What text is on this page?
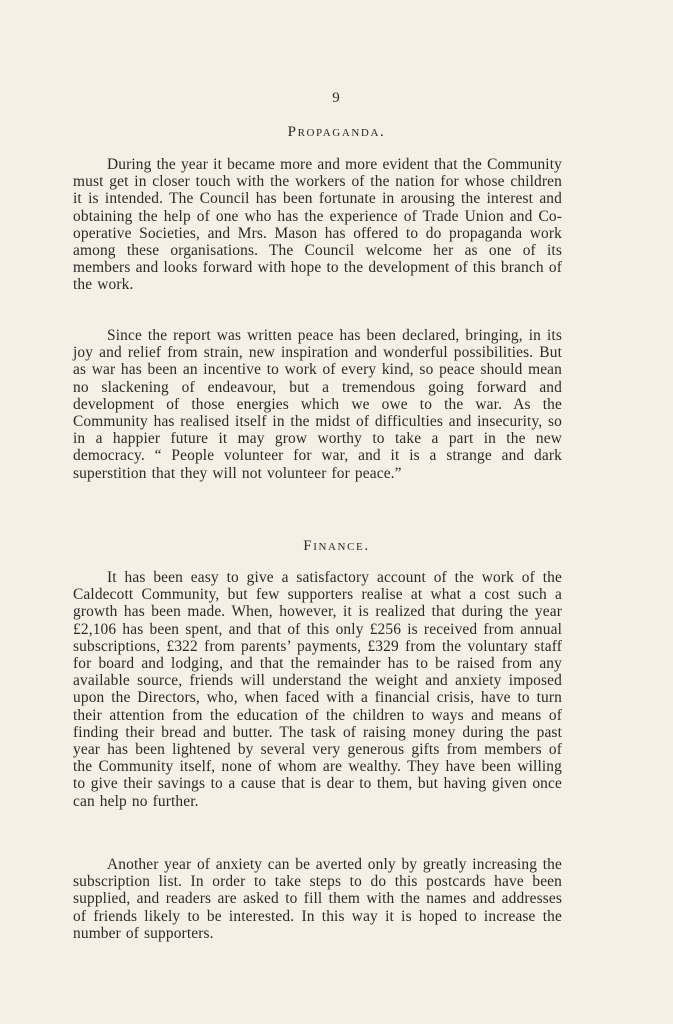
9
Propaganda.

During the year it became more and more evident that the Community must get in closer touch with the workers of the nation for whose children it is intended. The Council has been fortunate in arousing the interest and obtaining the help of one who has the experience of Trade Union and Co-operative Societies, and Mrs. Mason has offered to do propaganda work among these organisations. The Council welcome her as one of its members and looks forward with hope to the development of this branch of the work.

Since the report was written peace has been declared, bringing, in its joy and relief from strain, new inspiration and wonderful possibilities. But as war has been an incentive to work of every kind, so peace should mean no slackening of endeavour, but a tremendous going forward and development of those energies which we owe to the war. As the Community has realised itself in the midst of difficulties and insecurity, so in a happier future it may grow worthy to take a part in the new democracy. “ People volunteer for war, and it is a strange and dark superstition that they will not volunteer for peace.”

Finance.

It has been easy to give a satisfactory account of the work of the Caldecott Community, but few supporters realise at what a cost such a growth has been made. When, however, it is realized that during the year £2,106 has been spent, and that of this only £256 is received from annual subscriptions, £322 from parents’ payments, £329 from the voluntary staff for board and lodging, and that the remainder has to be raised from any available source, friends will understand the weight and anxiety imposed upon the Directors, who, when faced with a financial crisis, have to turn their attention from the education of the children to ways and means of finding their bread and butter. The task of raising money during the past year has been lightened by several very generous gifts from members of the Community itself, none of whom are wealthy. They have been willing to give their savings to a cause that is dear to them, but having given once can help no further.

Another year of anxiety can be averted only by greatly increasing the subscription list. In order to take steps to do this postcards have been supplied, and readers are asked to fill them with the names and addresses of friends likely to be interested. In this way it is hoped to increase the number of supporters.
